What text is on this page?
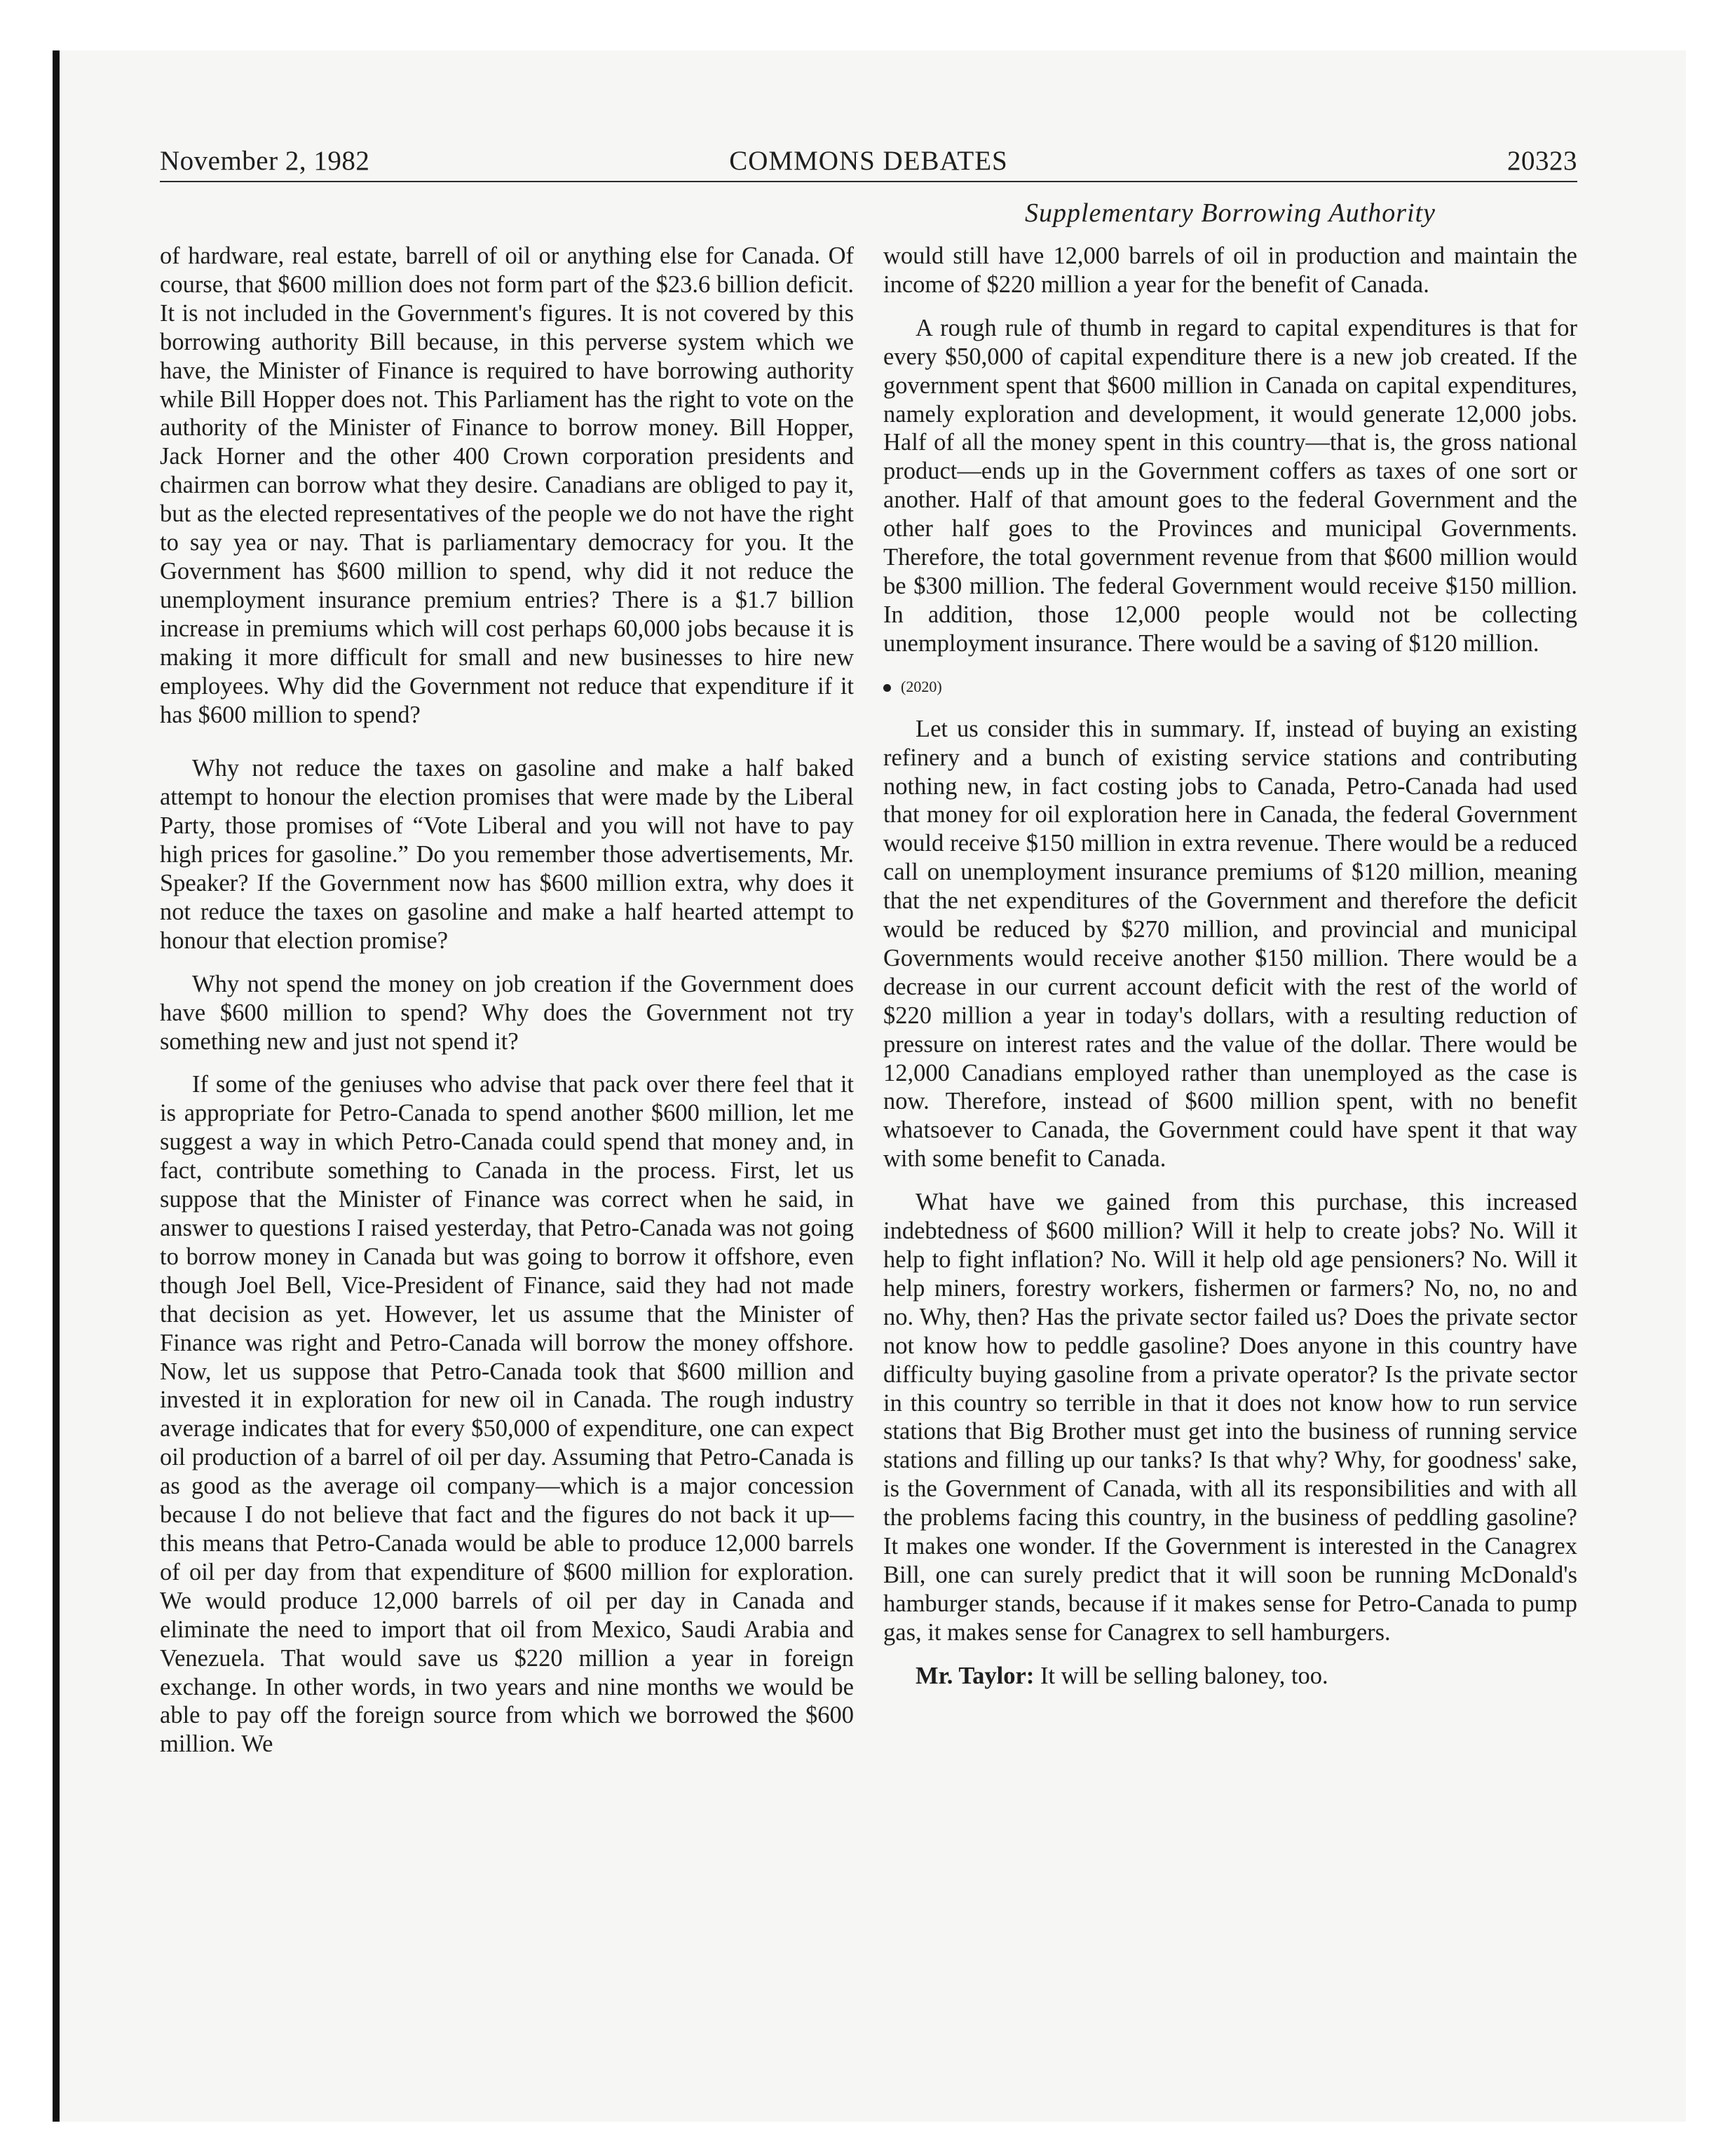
November 2, 1982	COMMONS DEBATES	20323
Supplementary Borrowing Authority

of hardware, real estate, barrell of oil or anything else for Canada. Of course, that $600 million does not form part of the $23.6 billion deficit. It is not included in the Government's figures. It is not covered by this borrowing authority Bill because, in this perverse system which we have, the Minister of Finance is required to have borrowing authority while Bill Hopper does not. This Parliament has the right to vote on the authority of the Minister of Finance to borrow money. Bill Hopper, Jack Horner and the other 400 Crown corporation presidents and chairmen can borrow what they desire. Canadians are obliged to pay it, but as the elected representatives of the people we do not have the right to say yea or nay. That is parliamentary democracy for you. It the Government has $600 million to spend, why did it not reduce the unemployment insurance premium entries? There is a $1.7 billion increase in premiums which will cost perhaps 60,000 jobs because it is making it more difficult for small and new businesses to hire new employees. Why did the Government not reduce that expenditure if it has $600 million to spend?

Why not reduce the taxes on gasoline and make a half baked attempt to honour the election promises that were made by the Liberal Party, those promises of “Vote Liberal and you will not have to pay high prices for gasoline.” Do you remember those advertisements, Mr. Speaker? If the Government now has $600 million extra, why does it not reduce the taxes on gasoline and make a half hearted attempt to honour that election promise?

Why not spend the money on job creation if the Government does have $600 million to spend? Why does the Government not try something new and just not spend it?

If some of the geniuses who advise that pack over there feel that it is appropriate for Petro-Canada to spend another $600 million, let me suggest a way in which Petro-Canada could spend that money and, in fact, contribute something to Canada in the process. First, let us suppose that the Minister of Finance was correct when he said, in answer to questions I raised yesterday, that Petro-Canada was not going to borrow money in Canada but was going to borrow it offshore, even though Joel Bell, Vice-President of Finance, said they had not made that decision as yet. However, let us assume that the Minister of Finance was right and Petro-Canada will borrow the money offshore. Now, let us suppose that Petro-Canada took that $600 million and invested it in exploration for new oil in Canada. The rough industry average indicates that for every $50,000 of expenditure, one can expect oil production of a barrel of oil per day. Assuming that Petro-Canada is as good as the average oil company—which is a major concession because I do not believe that fact and the figures do not back it up—this means that Petro-Canada would be able to produce 12,000 barrels of oil per day from that expenditure of $600 million for exploration. We would produce 12,000 barrels of oil per day in Canada and eliminate the need to import that oil from Mexico, Saudi Arabia and Venezuela. That would save us $220 million a year in foreign exchange. In other words, in two years and nine months we would be able to pay off the foreign source from which we borrowed the $600 million. We

would still have 12,000 barrels of oil in production and maintain the income of $220 million a year for the benefit of Canada.

A rough rule of thumb in regard to capital expenditures is that for every $50,000 of capital expenditure there is a new job created. If the government spent that $600 million in Canada on capital expenditures, namely exploration and development, it would generate 12,000 jobs. Half of all the money spent in this country—that is, the gross national product—ends up in the Government coffers as taxes of one sort or another. Half of that amount goes to the federal Government and the other half goes to the Provinces and municipal Governments. Therefore, the total government revenue from that $600 million would be $300 million. The federal Government would receive $150 million. In addition, those 12,000 people would not be collecting unemployment insurance. There would be a saving of $120 million.

(2020)

Let us consider this in summary. If, instead of buying an existing refinery and a bunch of existing service stations and contributing nothing new, in fact costing jobs to Canada, Petro-Canada had used that money for oil exploration here in Canada, the federal Government would receive $150 million in extra revenue. There would be a reduced call on unemployment insurance premiums of $120 million, meaning that the net expenditures of the Government and therefore the deficit would be reduced by $270 million, and provincial and municipal Governments would receive another $150 million. There would be a decrease in our current account deficit with the rest of the world of $220 million a year in today's dollars, with a resulting reduction of pressure on interest rates and the value of the dollar. There would be 12,000 Canadians employed rather than unemployed as the case is now. Therefore, instead of $600 million spent, with no benefit whatsoever to Canada, the Government could have spent it that way with some benefit to Canada.

What have we gained from this purchase, this increased indebtedness of $600 million? Will it help to create jobs? No. Will it help to fight inflation? No. Will it help old age pensioners? No. Will it help miners, forestry workers, fishermen or farmers? No, no, no and no. Why, then? Has the private sector failed us? Does the private sector not know how to peddle gasoline? Does anyone in this country have difficulty buying gasoline from a private operator? Is the private sector in this country so terrible in that it does not know how to run service stations that Big Brother must get into the business of running service stations and filling up our tanks? Is that why? Why, for goodness' sake, is the Government of Canada, with all its responsibilities and with all the problems facing this country, in the business of peddling gasoline? It makes one wonder. If the Government is interested in the Canagrex Bill, one can surely predict that it will soon be running McDonald's hamburger stands, because if it makes sense for Petro-Canada to pump gas, it makes sense for Canagrex to sell hamburgers.

Mr. Taylor: It will be selling baloney, too.
